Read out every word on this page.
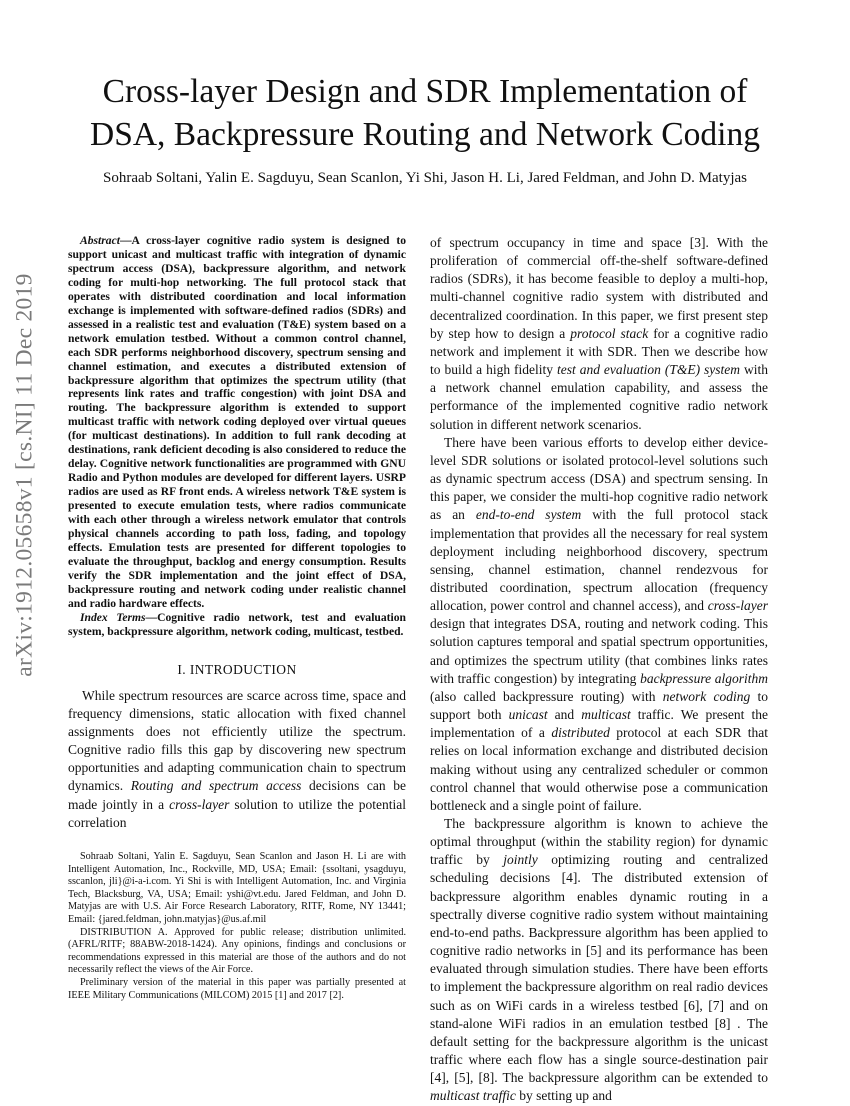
arXiv:1912.05658v1 [cs.NI] 11 Dec 2019
Cross-layer Design and SDR Implementation of
DSA, Backpressure Routing and Network Coding

Sohraab Soltani, Yalin E. Sagduyu, Sean Scanlon, Yi Shi, Jason H. Li, Jared Feldman, and John D. Matyjas

Abstract—A cross-layer cognitive radio system is designed to support unicast and multicast traffic with integration of dynamic spectrum access (DSA), backpressure algorithm, and network coding for multi-hop networking. The full protocol stack that operates with distributed coordination and local information exchange is implemented with software-defined radios (SDRs) and assessed in a realistic test and evaluation (T&E) system based on a network emulation testbed. Without a common control channel, each SDR performs neighborhood discovery, spectrum sensing and channel estimation, and executes a distributed extension of backpressure algorithm that optimizes the spectrum utility (that represents link rates and traffic congestion) with joint DSA and routing. The backpressure algorithm is extended to support multicast traffic with network coding deployed over virtual queues (for multicast destinations). In addition to full rank decoding at destinations, rank deficient decoding is also considered to reduce the delay. Cognitive network functionalities are programmed with GNU Radio and Python modules are developed for different layers. USRP radios are used as RF front ends. A wireless network T&E system is presented to execute emulation tests, where radios communicate with each other through a wireless network emulator that controls physical channels according to path loss, fading, and topology effects. Emulation tests are presented for different topologies to evaluate the throughput, backlog and energy consumption. Results verify the SDR implementation and the joint effect of DSA, backpressure routing and network coding under realistic channel and radio hardware effects.

Index Terms—Cognitive radio network, test and evaluation system, backpressure algorithm, network coding, multicast, testbed.

I. INTRODUCTION

While spectrum resources are scarce across time, space and frequency dimensions, static allocation with fixed channel assignments does not efficiently utilize the spectrum. Cognitive radio fills this gap by discovering new spectrum opportunities and adapting communication chain to spectrum dynamics. Routing and spectrum access decisions can be made jointly in a cross-layer solution to utilize the potential correlation

Sohraab Soltani, Yalin E. Sagduyu, Sean Scanlon and Jason H. Li are with Intelligent Automation, Inc., Rockville, MD, USA; Email: {ssoltani, ysagduyu, sscanlon, jli}@i-a-i.com. Yi Shi is with Intelligent Automation, Inc. and Virginia Tech, Blacksburg, VA, USA; Email: yshi@vt.edu. Jared Feldman, and John D. Matyjas are with U.S. Air Force Research Laboratory, RITF, Rome, NY 13441; Email: {jared.feldman, john.matyjas}@us.af.mil

DISTRIBUTION A. Approved for public release; distribution unlimited. (AFRL/RITF; 88ABW-2018-1424). Any opinions, findings and conclusions or recommendations expressed in this material are those of the authors and do not necessarily reflect the views of the Air Force.

Preliminary version of the material in this paper was partially presented at IEEE Military Communications (MILCOM) 2015 [1] and 2017 [2].

of spectrum occupancy in time and space [3]. With the proliferation of commercial off-the-shelf software-defined radios (SDRs), it has become feasible to deploy a multi-hop, multi-channel cognitive radio system with distributed and decentralized coordination. In this paper, we first present step by step how to design a protocol stack for a cognitive radio network and implement it with SDR. Then we describe how to build a high fidelity test and evaluation (T&E) system with a network channel emulation capability, and assess the performance of the implemented cognitive radio network solution in different network scenarios.

There have been various efforts to develop either device-level SDR solutions or isolated protocol-level solutions such as dynamic spectrum access (DSA) and spectrum sensing. In this paper, we consider the multi-hop cognitive radio network as an end-to-end system with the full protocol stack implementation that provides all the necessary for real system deployment including neighborhood discovery, spectrum sensing, channel estimation, channel rendezvous for distributed coordination, spectrum allocation (frequency allocation, power control and channel access), and cross-layer design that integrates DSA, routing and network coding. This solution captures temporal and spatial spectrum opportunities, and optimizes the spectrum utility (that combines links rates with traffic congestion) by integrating backpressure algorithm (also called backpressure routing) with network coding to support both unicast and multicast traffic. We present the implementation of a distributed protocol at each SDR that relies on local information exchange and distributed decision making without using any centralized scheduler or common control channel that would otherwise pose a communication bottleneck and a single point of failure.

The backpressure algorithm is known to achieve the optimal throughput (within the stability region) for dynamic traffic by jointly optimizing routing and centralized scheduling decisions [4]. The distributed extension of backpressure algorithm enables dynamic routing in a spectrally diverse cognitive radio system without maintaining end-to-end paths. Backpressure algorithm has been applied to cognitive radio networks in [5] and its performance has been evaluated through simulation studies. There have been efforts to implement the backpressure algorithm on real radio devices such as on WiFi cards in a wireless testbed [6], [7] and on stand-alone WiFi radios in an emulation testbed [8] . The default setting for the backpressure algorithm is the unicast traffic where each flow has a single source-destination pair [4], [5], [8]. The backpressure algorithm can be extended to multicast traffic by setting up and
